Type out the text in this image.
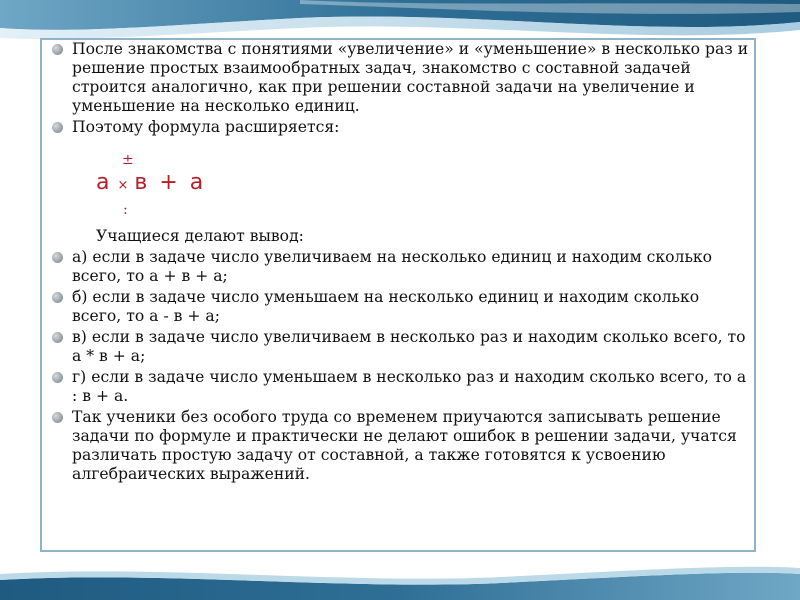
После знакомства с понятиями «увеличение» и «уменьшение» в несколько раз и решение простых взаимообратных задач, знакомство с составной задачей строится аналогично, как при решении составной задачи на увеличение и уменьшение на несколько единиц.

Поэтому формула расширяется:

±
а × в + а
:

Учащиеся делают вывод:

а) если в задаче число увеличиваем на несколько единиц и находим сколько всего, то а + в + а;

б) если в задаче число уменьшаем на несколько единиц и находим сколько всего, то а - в + а;

в) если в задаче число увеличиваем в несколько раз и находим сколько всего, то а * в + а;

г) если в задаче число уменьшаем в несколько раз и находим сколько всего, то а : в + а.

Так ученики без особого труда со временем приучаются записывать решение задачи по формуле и практически не делают ошибок в решении задачи, учатся различать простую задачу от составной, а также готовятся к усвоению алгебраических выражений.
